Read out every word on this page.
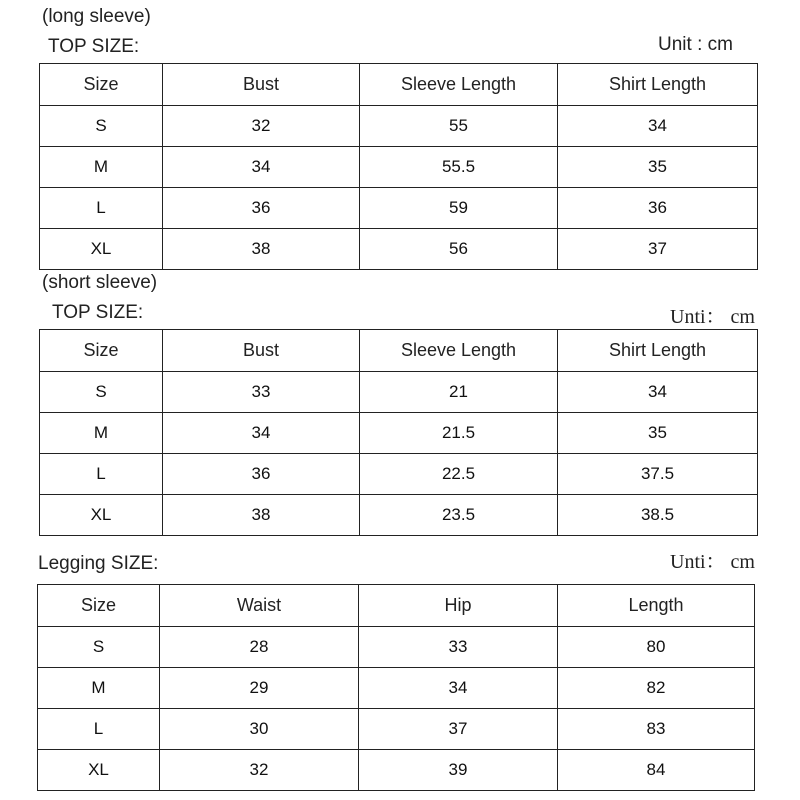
(long sleeve)
TOP SIZE:	Unit : cm
Size	Bust	Sleeve Length	Shirt Length
S	32	55	34
M	34	55.5	35
L	36	59	36
XL	38	56	37
(short sleeve)
TOP SIZE:	Unti： cm
Size	Bust	Sleeve Length	Shirt Length
S	33	21	34
M	34	21.5	35
L	36	22.5	37.5
XL	38	23.5	38.5
Legging SIZE:	Unti： cm
Size	Waist	Hip	Length
S	28	33	80
M	29	34	82
L	30	37	83
XL	32	39	84
